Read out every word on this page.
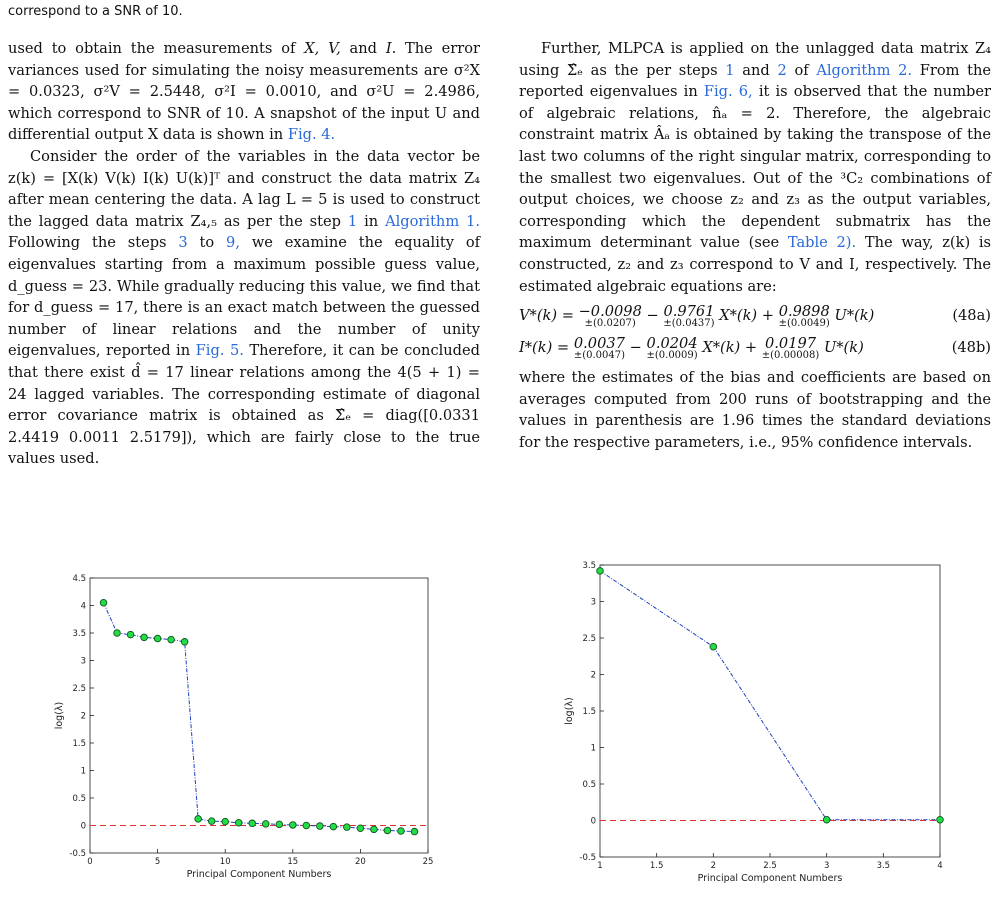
correspond to a SNR of 10.

used to obtain the measurements of X, V, and I. The error variances used for simulating the noisy measurements are σ²X = 0.0323, σ²V = 2.5448, σ²I = 0.0010, and σ²U = 2.4986, which correspond to SNR of 10. A snapshot of the input U and differential output X data is shown in Fig. 4.

Consider the order of the variables in the data vector be z(k) = [X(k) V(k) I(k) U(k)]ᵀ and construct the data matrix Z₄ after mean centering the data. A lag L = 5 is used to construct the lagged data matrix Z₄,₅ as per the step 1 in Algorithm 1. Following the steps 3 to 9, we examine the equality of eigenvalues starting from a maximum possible guess value, d_guess = 23. While gradually reducing this value, we find that for d_guess = 17, there is an exact match between the guessed number of linear relations and the number of unity eigenvalues, reported in Fig. 5. Therefore, it can be concluded that there exist d̂ = 17 linear relations among the 4(5 + 1) = 24 lagged variables. The corresponding estimate of diagonal error covariance matrix is obtained as Σ̂ₑ = diag([0.0331 2.4419 0.0011 2.5179]), which are fairly close to the true values used.

Further, MLPCA is applied on the unlagged data matrix Z₄ using Σ̂ₑ as the per steps 1 and 2 of Algorithm 2. From the reported eigenvalues in Fig. 6, it is observed that the number of algebraic relations, n̂ₐ = 2. Therefore, the algebraic constraint matrix Âₐ is obtained by taking the transpose of the last two columns of the right singular matrix, corresponding to the smallest two eigenvalues. Out of the ³C₂ combinations of output choices, we choose z₂ and z₃ as the output variables, corresponding which the dependent submatrix has the maximum determinant value (see Table 2). The way, z(k) is constructed, z₂ and z₃ correspond to V and I, respectively. The estimated algebraic equations are:

V*(k) = −0.0098
±(0.0207) − 0.9761
±(0.0437) X*(k) + 0.9898
±(0.0049) U*(k)	(48a)
I*(k) = 0.0037
±(0.0047) − 0.0204
±(0.0009) X*(k) + 0.0197
±(0.00008) U*(k)	(48b)

where the estimates of the bias and coefficients are based on averages computed from 200 runs of bootstrapping and the values in parenthesis are 1.96 times the standard deviations for the respective parameters, i.e., 95% confidence intervals.

0	5	10	15	20	25
-0.5
0
0.5
1
1.5
2
2.5
3
3.5
4
4.5
Principal Component Numbers
log(λ)
1	1.5	2	2.5	3	3.5	4
-0.5
0
0.5
1
1.5
2
2.5
3
3.5
Principal Component Numbers
log(λ)
